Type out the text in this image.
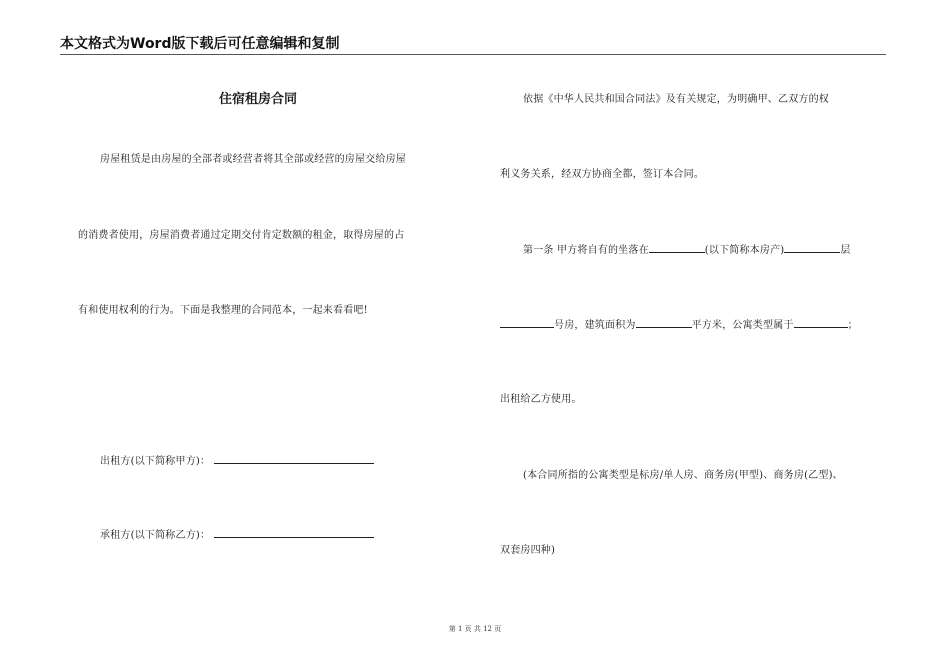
本文格式为Word版下载后可任意编辑和复制
住宿租房合同
房屋租赁是由房屋的全部者或经营者将其全部或经营的房屋交给房屋
的消费者使用，房屋消费者通过定期交付肯定数额的租金，取得房屋的占
有和使用权利的行为。下面是我整理的合同范本，一起来看看吧!
出租方(以下简称甲方)：
承租方(以下简称乙方)：
依据《中华人民共和国合同法》及有关规定，为明确甲、乙双方的权
利义务关系，经双方协商全都，签订本合同。
第一条 甲方将自有的坐落在	(以下简称本房产)	层
号房，建筑面积为	平方米，公寓类型属于	；
出租给乙方使用。
(本合同所指的公寓类型是标房/单人房、商务房(甲型)、商务房(乙型)、
双套房四种)
第 1 页 共 12 页
